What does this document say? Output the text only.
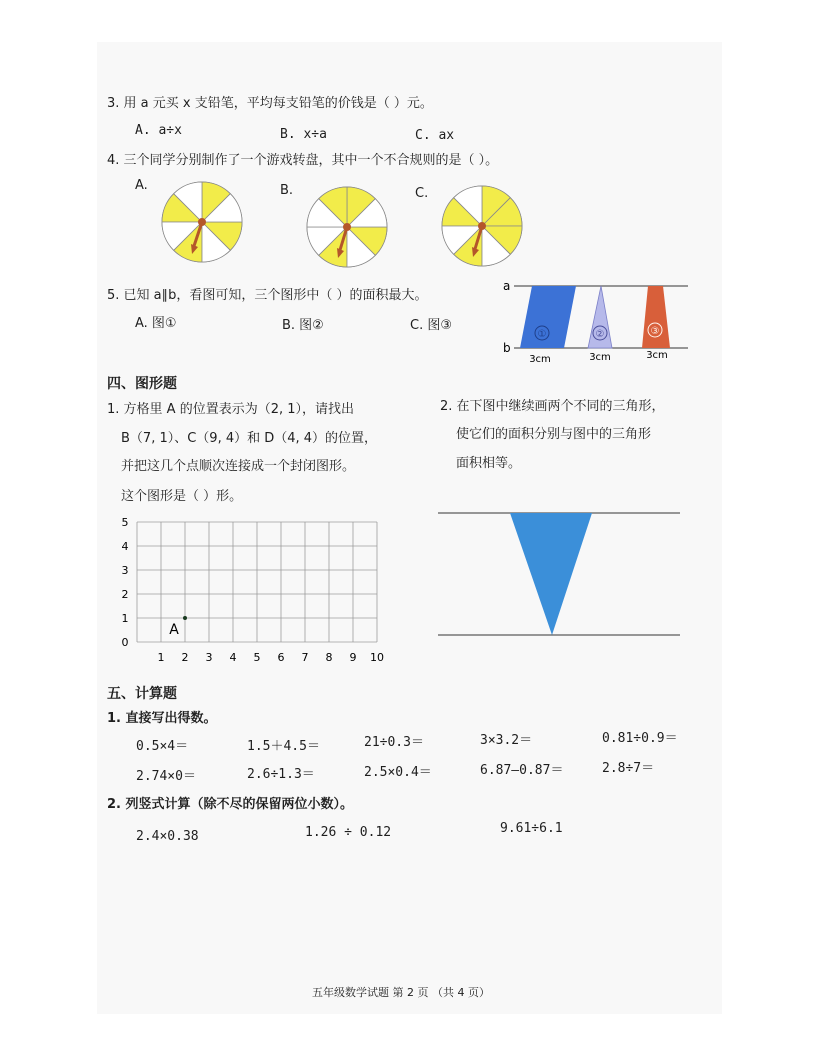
3. 用 a 元买 x 支铅笔，平均每支铅笔的价钱是（ ）元。
A. a÷x	B. x÷a	C. ax
4. 三个同学分别制作了一个游戏转盘，其中一个不合规则的是（ ）。
A.	B.	C.
5. 已知 a∥b，看图可知，三个图形中（ ）的面积最大。
A. 图①	B. 图②	C. 图③
a
b
①	②	③
3cm	3cm	3cm
四、图形题
1. 方格里 A 的位置表示为（2, 1），请找出
B（7, 1）、C（9, 4）和 D（4, 4）的位置，
并把这几个点顺次连接成一个封闭图形。
这个图形是（ ）形。
2. 在下图中继续画两个不同的三角形，
使它们的面积分别与图中的三角形
面积相等。
0
1
2
3
4
5
1 2 3 4 5 6 7 8 9 10
A
五、计算题
1. 直接写出得数。
0.5×4＝	1.5＋4.5＝	21÷0.3＝	3×3.2＝	0.81÷0.9＝
2.74×0＝	2.6÷1.3＝	2.5×0.4＝	6.87—0.87＝	2.8÷7＝
2. 列竖式计算（除不尽的保留两位小数）。
2.4×0.38	1.26 ÷ 0.12	9.61÷6.1
五年级数学试题 第 2 页 （共 4 页）
